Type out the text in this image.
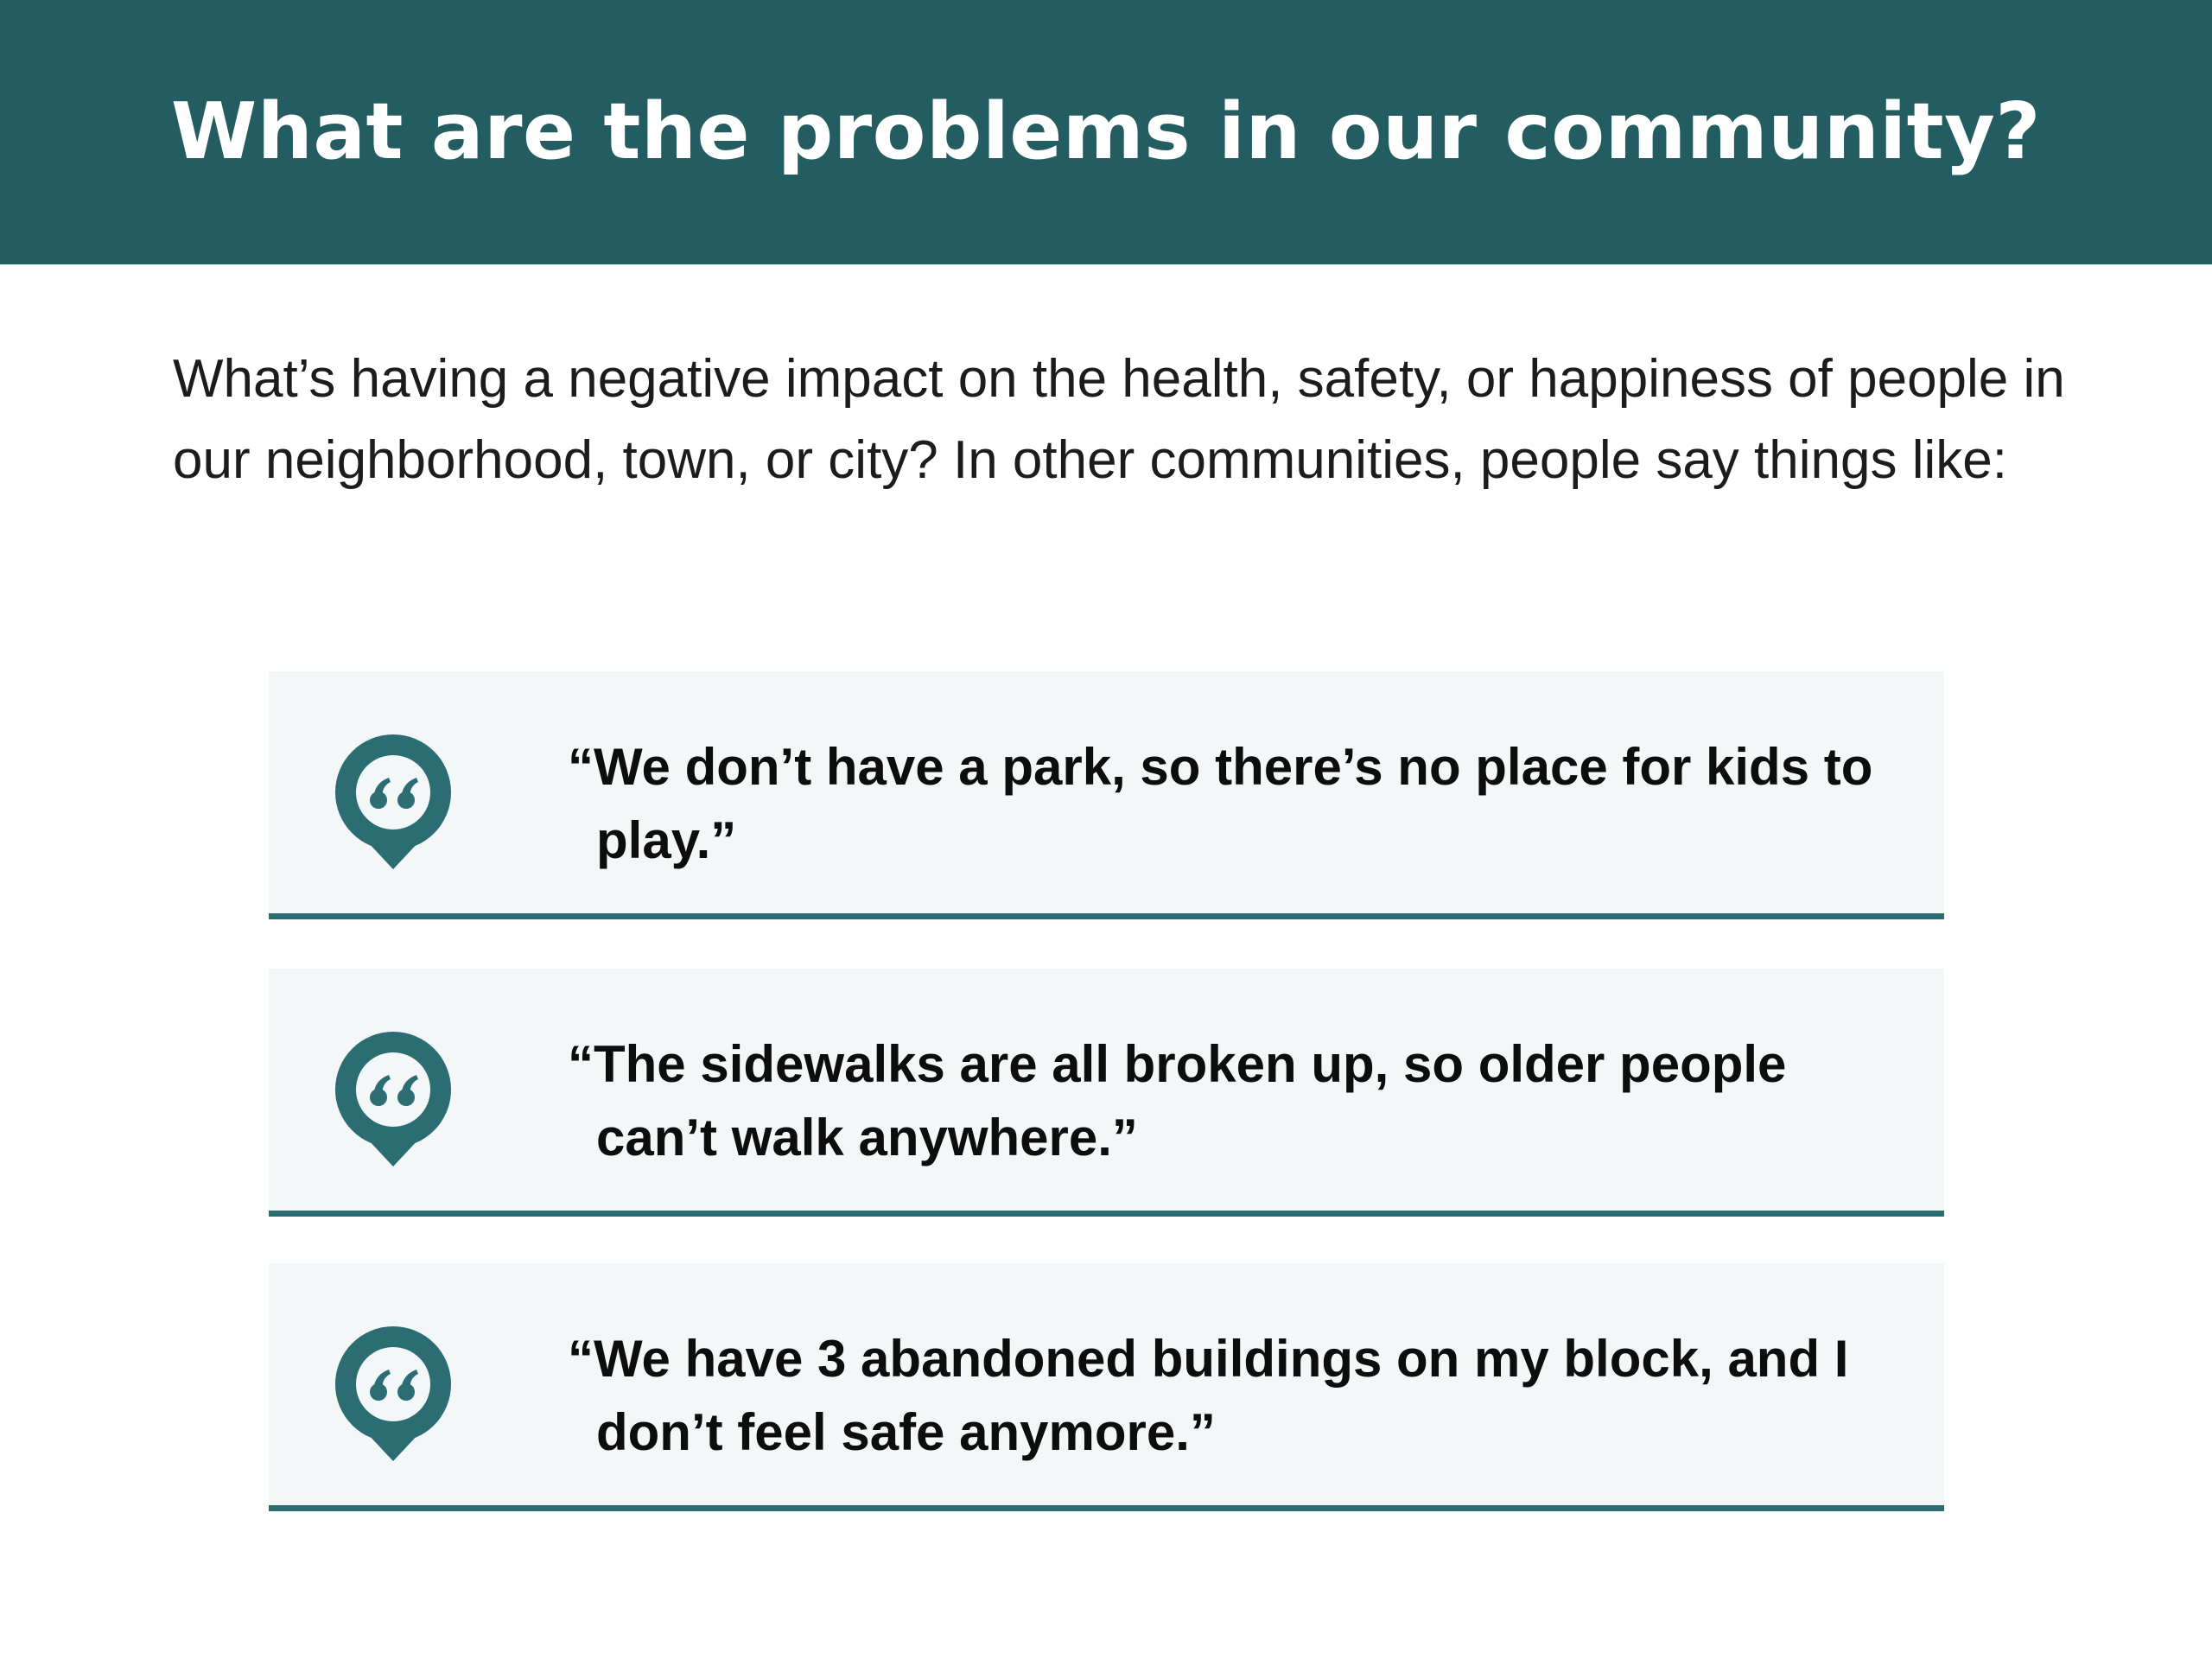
What are the problems in our community?

What’s having a negative impact on the health, safety, or happiness of people in our neighborhood, town, or city? In other communities, people say things like:

“We don’t have a park, so there’s no place for kids to play.”

“The sidewalks are all broken up, so older people can’t walk anywhere.”

“We have 3 abandoned buildings on my block, and I don’t feel safe anymore.”
